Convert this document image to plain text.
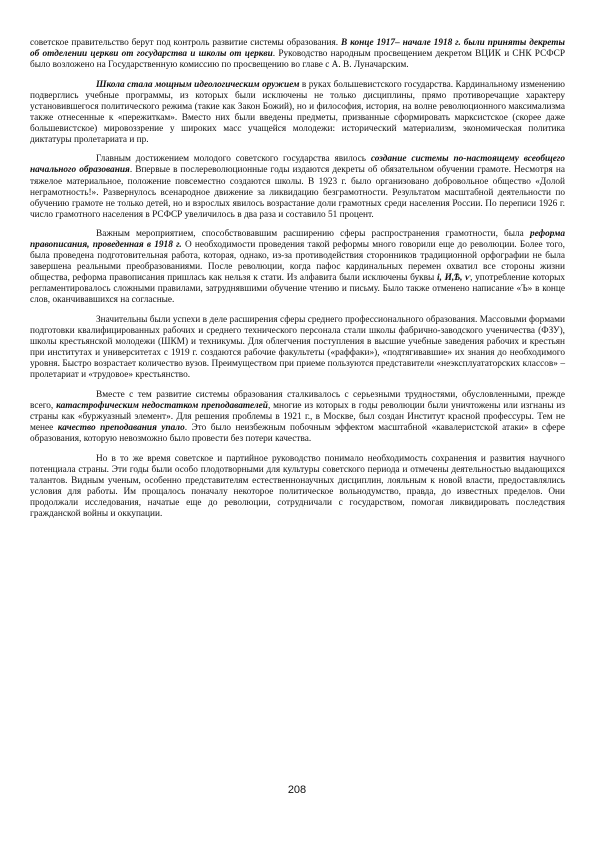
советское правительство берут под контроль развитие системы образования. В конце 1917– начале 1918 г. были приняты декреты об отделении церкви от государства и школы от церкви. Руководство народным просвещением декретом ВЦИК и СНК РСФСР было возложено на Государственную комиссию по просвещению во главе с А. В. Луначарским.

Школа стала мощным идеологическим оружием в руках большевистского государства. Кардинальному изменению подверглись учебные программы, из которых были исключены не только дисциплины, прямо противоречащие характеру установившегося политического режима (такие как Закон Божий), но и философия, история, на волне революционного максимализма также отнесенные к «пережиткам». Вместо них были введены предметы, призванные сформировать марксистское (скорее даже большевистское) мировоззрение у широких масс учащейся молодежи: исторический материализм, экономическая политика диктатуры пролетариата и пр.

Главным достижением молодого советского государства явилось создание системы по-настоящему всеобщего начального образования. Впервые в послереволюционные годы издаются декреты об обязательном обучении грамоте. Несмотря на тяжелое материальное, положение повсеместно создаются школы. В 1923 г. было организовано добровольное общество «Долой неграмотность!». Развернулось всенародное движение за ликвидацию безграмотности. Результатом масштабной деятельности по обучению грамоте не только детей, но и взрослых явилось возрастание доли грамотных среди населения России. По переписи 1926 г. число грамотного населения в РСФСР увеличилось в два раза и составило 51 процент.

Важным мероприятием, способствовавшим расширению сферы распространения грамотности, была реформа правописания, проведенная в 1918 г. О необходимости проведения такой реформы много говорили еще до революции. Более того, была проведена подготовительная работа, которая, однако, из-за противодействия сторонников традиционной орфографии не была завершена реальными преобразованиями. После революции, когда пафос кардинальных перемен охватил все стороны жизни общества, реформа правописания пришлась как нельзя к стати. Из алфавита были исключены буквы i, И,Ѣ, ѵ, употребление которых регламентировалось сложными правилами, затруднявшими обучение чтению и письму. Было также отменено написание «Ъ» в конце слов, оканчивавшихся на согласные.

Значительны были успехи в деле расширения сферы среднего профессионального образования. Массовыми формами подготовки квалифицированных рабочих и среднего технического персонала стали школы фабрично-заводского ученичества (ФЗУ), школы крестьянской молодежи (ШКМ) и техникумы. Для облегчения поступления в высшие учебные заведения рабочих и крестьян при институтах и университетах с 1919 г. создаются рабочие факультеты («раффаки»), «подтягивавшие» их знания до необходимого уровня. Быстро возрастает количество вузов. Преимуществом при приеме пользуются представители «неэксплуататорских классов» – пролетариат и «трудовое» крестьянство.

Вместе с тем развитие системы образования сталкивалось с серьезными трудностями, обусловленными, прежде всего, катастрофическим недостатком преподавателей, многие из которых в годы революции были уничтожены или изгнаны из страны как «буржуазный элемент». Для решения проблемы в 1921 г., в Москве, был создан Институт красной профессуры. Тем не менее качество преподавания упало. Это было неизбежным побочным эффектом масштабной «кавалеристской атаки» в сфере образования, которую невозможно было провести без потери качества.

Но в то же время советское и партийное руководство понимало необходимость сохранения и развития научного потенциала страны. Эти годы были особо плодотворными для культуры советского периода и отмечены деятельностью выдающихся талантов. Видным ученым, особенно представителям естественнонаучных дисциплин, лояльным к новой власти, предоставлялись условия для работы. Им прощалось поначалу некоторое политическое вольнодумство, правда, до известных пределов. Они продолжали исследования, начатые еще до революции, сотрудничали с государством, помогая ликвидировать последствия гражданской войны и оккупации.

208
